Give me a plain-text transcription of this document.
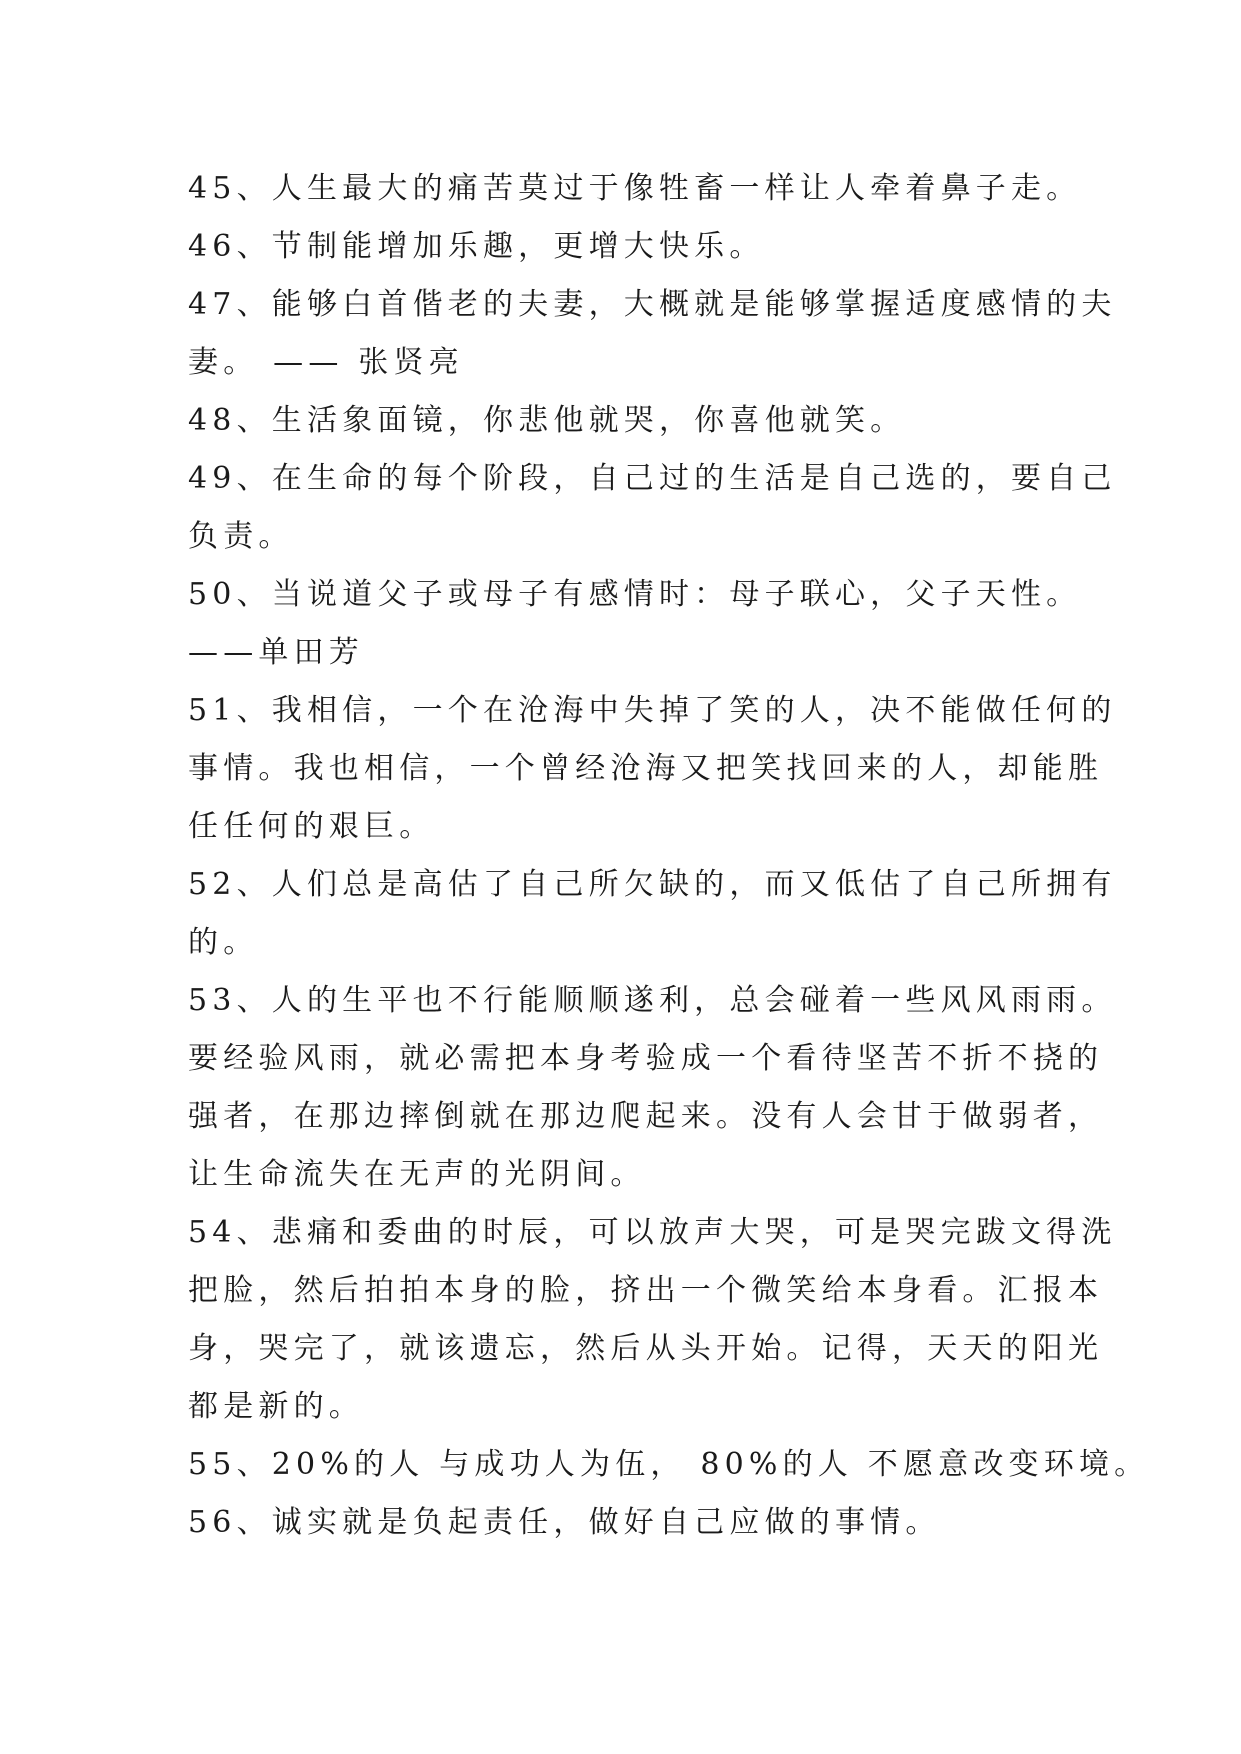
45、人生最大的痛苦莫过于像牲畜一样让人牵着鼻子走。
46、节制能增加乐趣，更增大快乐。
47、能够白首偕老的夫妻，大概就是能够掌握适度感情的夫
妻。 —— 张贤亮
48、生活象面镜，你悲他就哭，你喜他就笑。
49、在生命的每个阶段，自己过的生活是自己选的，要自己
负责。
50、当说道父子或母子有感情时：母子联心，父子天性。
——单田芳
51、我相信，一个在沧海中失掉了笑的人，决不能做任何的
事情。我也相信，一个曾经沧海又把笑找回来的人，却能胜
任任何的艰巨。
52、人们总是高估了自己所欠缺的，而又低估了自己所拥有
的。
53、人的生平也不行能顺顺遂利，总会碰着一些风风雨雨。
要经验风雨，就必需把本身考验成一个看待坚苦不折不挠的
强者，在那边摔倒就在那边爬起来。没有人会甘于做弱者，
让生命流失在无声的光阴间。
54、悲痛和委曲的时辰，可以放声大哭，可是哭完跋文得洗
把脸，然后拍拍本身的脸，挤出一个微笑给本身看。汇报本
身，哭完了，就该遗忘，然后从头开始。记得，天天的阳光
都是新的。
55、20%的人 与成功人为伍， 80%的人 不愿意改变环境。
56、诚实就是负起责任，做好自己应做的事情。
